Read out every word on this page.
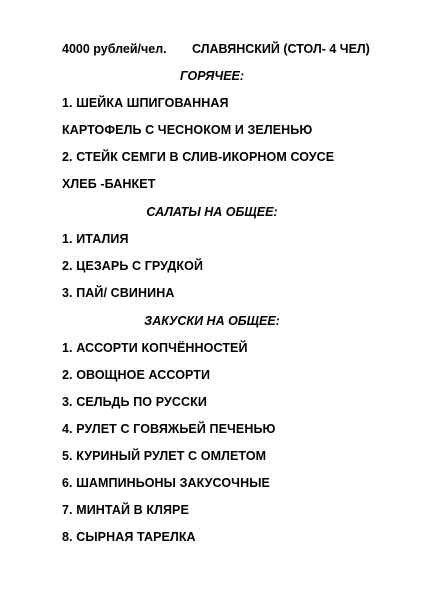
4000 рублей/чел. СЛАВЯНСКИЙ (СТОЛ- 4 ЧЕЛ)
ГОРЯЧЕЕ:
1. ШЕЙКА ШПИГОВАННАЯ
КАРТОФЕЛЬ С ЧЕСНОКОМ И ЗЕЛЕНЬЮ
2. СТЕЙК СЕМГИ В СЛИВ-ИКОРНОМ СОУСЕ
ХЛЕБ -БАНКЕТ
САЛАТЫ НА ОБЩЕЕ:
1. ИТАЛИЯ
2. ЦЕЗАРЬ С ГРУДКОЙ
3. ПАЙ/ СВИНИНА
ЗАКУСКИ НА ОБЩЕЕ:
1. АССОРТИ КОПЧЁННОСТЕЙ
2. ОВОЩНОЕ АССОРТИ
3. СЕЛЬДЬ ПО РУССКИ
4. РУЛЕТ С ГОВЯЖЬЕЙ ПЕЧЕНЬЮ
5. КУРИНЫЙ РУЛЕТ С ОМЛЕТОМ
6. ШАМПИНЬОНЫ ЗАКУСОЧНЫЕ
7. МИНТАЙ В КЛЯРЕ
8. СЫРНАЯ ТАРЕЛКА
